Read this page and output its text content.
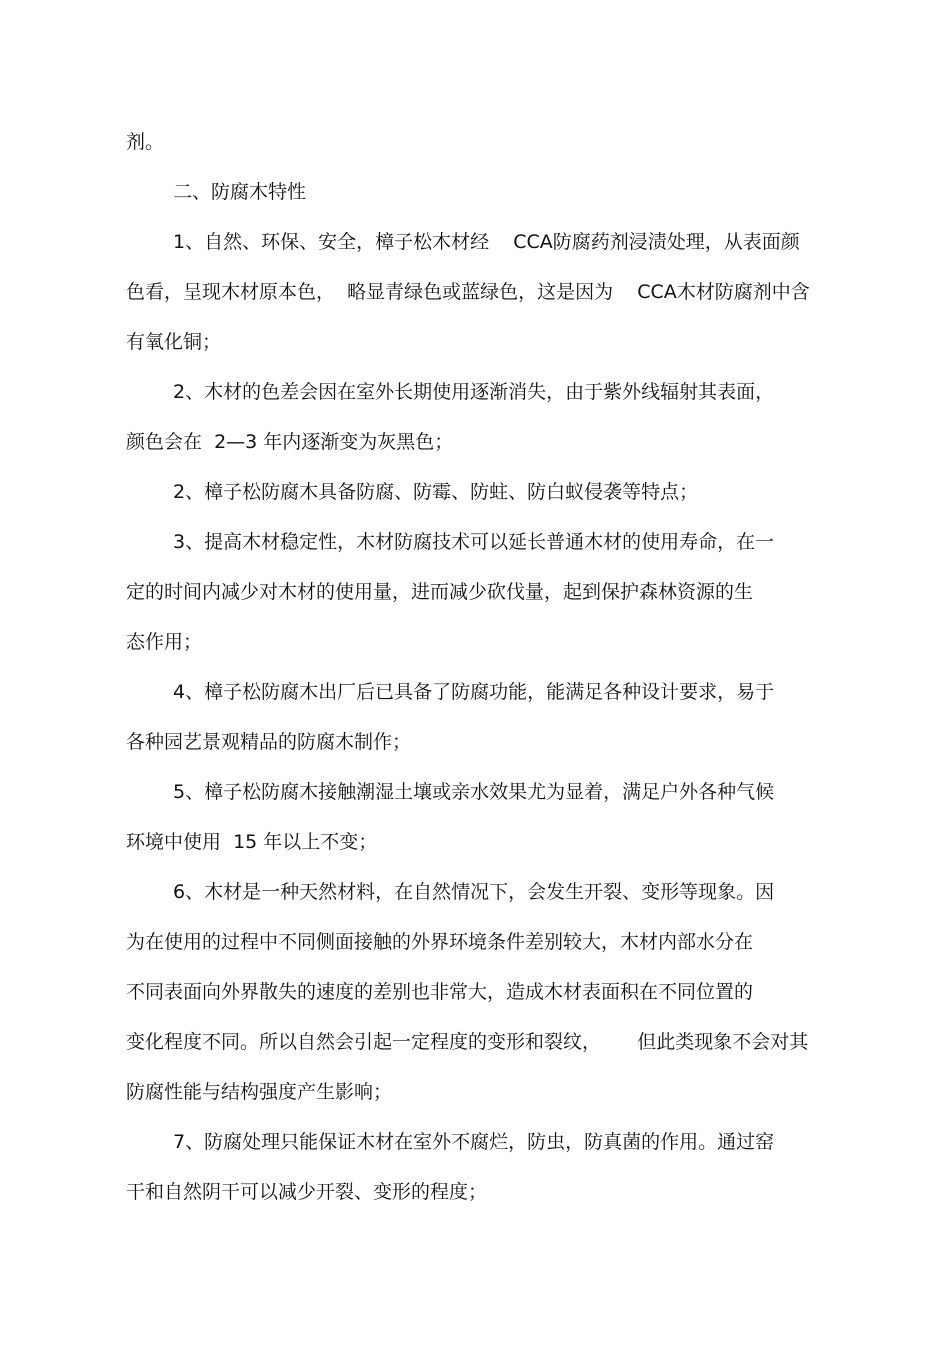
剂。
二、防腐木特性
1、自然、环保、安全，樟子松木材经    CCA防腐药剂浸渍处理，从表面颜
色看，呈现木材原本色，  略显青绿色或蓝绿色，这是因为    CCA木材防腐剂中含
有氧化铜；
2、木材的色差会因在室外长期使用逐渐消失，由于紫外线辐射其表面，
颜色会在  2—3 年内逐渐变为灰黑色；
2、樟子松防腐木具备防腐、防霉、防蛀、防白蚁侵袭等特点；
3、提高木材稳定性，木材防腐技术可以延长普通木材的使用寿命，在一
定的时间内减少对木材的使用量，进而减少砍伐量，起到保护森林资源的生
态作用；
4、樟子松防腐木出厂后已具备了防腐功能，能满足各种设计要求，易于
各种园艺景观精品的防腐木制作；
5、樟子松防腐木接触潮湿土壤或亲水效果尤为显着，满足户外各种气候
环境中使用  15 年以上不变；
6、木材是一种天然材料，在自然情况下，会发生开裂、变形等现象。因
为在使用的过程中不同侧面接触的外界环境条件差别较大，木材内部水分在
不同表面向外界散失的速度的差别也非常大，造成木材表面积在不同位置的
变化程度不同。所以自然会引起一定程度的变形和裂纹，      但此类现象不会对其
防腐性能与结构强度产生影响；
7、防腐处理只能保证木材在室外不腐烂，防虫，防真菌的作用。通过窑
干和自然阴干可以减少开裂、变形的程度；
